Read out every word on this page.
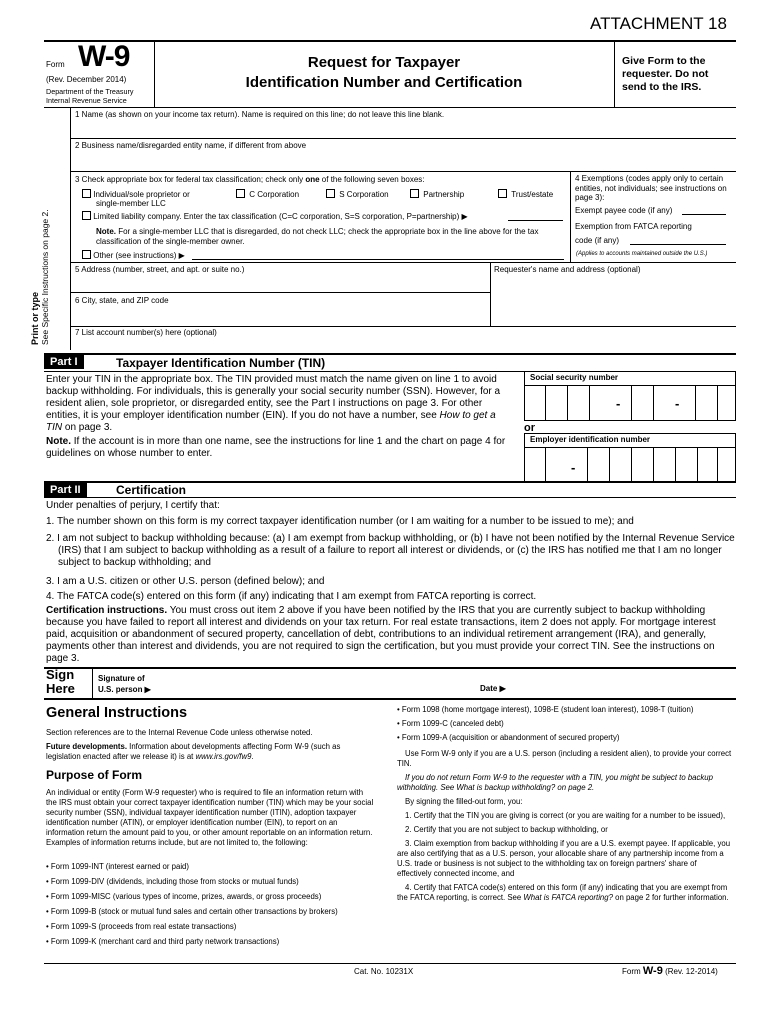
ATTACHMENT 18
Form W-9
(Rev. December 2014)
Department of the Treasury
Internal Revenue Service
Request for Taxpayer
Identification Number and Certification
Give Form to the requester. Do not send to the IRS.
Print or type
See Specific Instructions on page 2.
1 Name (as shown on your income tax return). Name is required on this line; do not leave this line blank.
2 Business name/disregarded entity name, if different from above
3 Check appropriate box for federal tax classification; check only one of the following seven boxes:
Individual/sole proprietor or
single-member LLC
C Corporation	S Corporation	Partnership	Trust/estate
Limited liability company. Enter the tax classification (C=C corporation, S=S corporation, P=partnership) ▶
Note. For a single-member LLC that is disregarded, do not check LLC; check the appropriate box in the line above for the tax classification of the single-member owner.
Other (see instructions) ▶
4 Exemptions (codes apply only to certain entities, not individuals; see instructions on page 3):
Exempt payee code (if any)
Exemption from FATCA reporting
code (if any)
(Applies to accounts maintained outside the U.S.)
5 Address (number, street, and apt. or suite no.)	Requester's name and address (optional)
6 City, state, and ZIP code
7 List account number(s) here (optional)
Part I	Taxpayer Identification Number (TIN)
Enter your TIN in the appropriate box. The TIN provided must match the name given on line 1 to avoid backup withholding. For individuals, this is generally your social security number (SSN). However, for a resident alien, sole proprietor, or disregarded entity, see the Part I instructions on page 3. For other entities, it is your employer identification number (EIN). If you do not have a number, see How to get a TIN on page 3.
Note. If the account is in more than one name, see the instructions for line 1 and the chart on page 4 for guidelines on whose number to enter.
Social security number
-	-
or
Employer identification number
-
Part II	Certification
Under penalties of perjury, I certify that:
1. The number shown on this form is my correct taxpayer identification number (or I am waiting for a number to be issued to me); and
2. I am not subject to backup withholding because: (a) I am exempt from backup withholding, or (b) I have not been notified by the Internal Revenue Service (IRS) that I am subject to backup withholding as a result of a failure to report all interest or dividends, or (c) the IRS has notified me that I am no longer subject to backup withholding; and
3. I am a U.S. citizen or other U.S. person (defined below); and
4. The FATCA code(s) entered on this form (if any) indicating that I am exempt from FATCA reporting is correct.
Certification instructions. You must cross out item 2 above if you have been notified by the IRS that you are currently subject to backup withholding because you have failed to report all interest and dividends on your tax return. For real estate transactions, item 2 does not apply. For mortgage interest paid, acquisition or abandonment of secured property, cancellation of debt, contributions to an individual retirement arrangement (IRA), and generally, payments other than interest and dividends, you are not required to sign the certification, but you must provide your correct TIN. See the instructions on page 3.
Sign
Here
Signature of
U.S. person ▶	Date ▶
General Instructions
Section references are to the Internal Revenue Code unless otherwise noted.
Future developments. Information about developments affecting Form W-9 (such as legislation enacted after we release it) is at www.irs.gov/fw9.
Purpose of Form
An individual or entity (Form W-9 requester) who is required to file an information return with the IRS must obtain your correct taxpayer identification number (TIN) which may be your social security number (SSN), individual taxpayer identification number (ITIN), adoption taxpayer identification number (ATIN), or employer identification number (EIN), to report on an information return the amount paid to you, or other amount reportable on an information return. Examples of information returns include, but are not limited to, the following:
• Form 1099-INT (interest earned or paid)
• Form 1099-DIV (dividends, including those from stocks or mutual funds)
• Form 1099-MISC (various types of income, prizes, awards, or gross proceeds)
• Form 1099-B (stock or mutual fund sales and certain other transactions by brokers)
• Form 1099-S (proceeds from real estate transactions)
• Form 1099-K (merchant card and third party network transactions)
• Form 1098 (home mortgage interest), 1098-E (student loan interest), 1098-T (tuition)
• Form 1099-C (canceled debt)
• Form 1099-A (acquisition or abandonment of secured property)
Use Form W-9 only if you are a U.S. person (including a resident alien), to provide your correct TIN.
If you do not return Form W-9 to the requester with a TIN, you might be subject to backup withholding. See What is backup withholding? on page 2.
By signing the filled-out form, you:
1. Certify that the TIN you are giving is correct (or you are waiting for a number to be issued),
2. Certify that you are not subject to backup withholding, or
3. Claim exemption from backup withholding if you are a U.S. exempt payee. If applicable, you are also certifying that as a U.S. person, your allocable share of any partnership income from a U.S. trade or business is not subject to the withholding tax on foreign partners' share of effectively connected income, and
4. Certify that FATCA code(s) entered on this form (if any) indicating that you are exempt from the FATCA reporting, is correct. See What is FATCA reporting? on page 2 for further information.
Cat. No. 10231X	Form W-9 (Rev. 12-2014)
